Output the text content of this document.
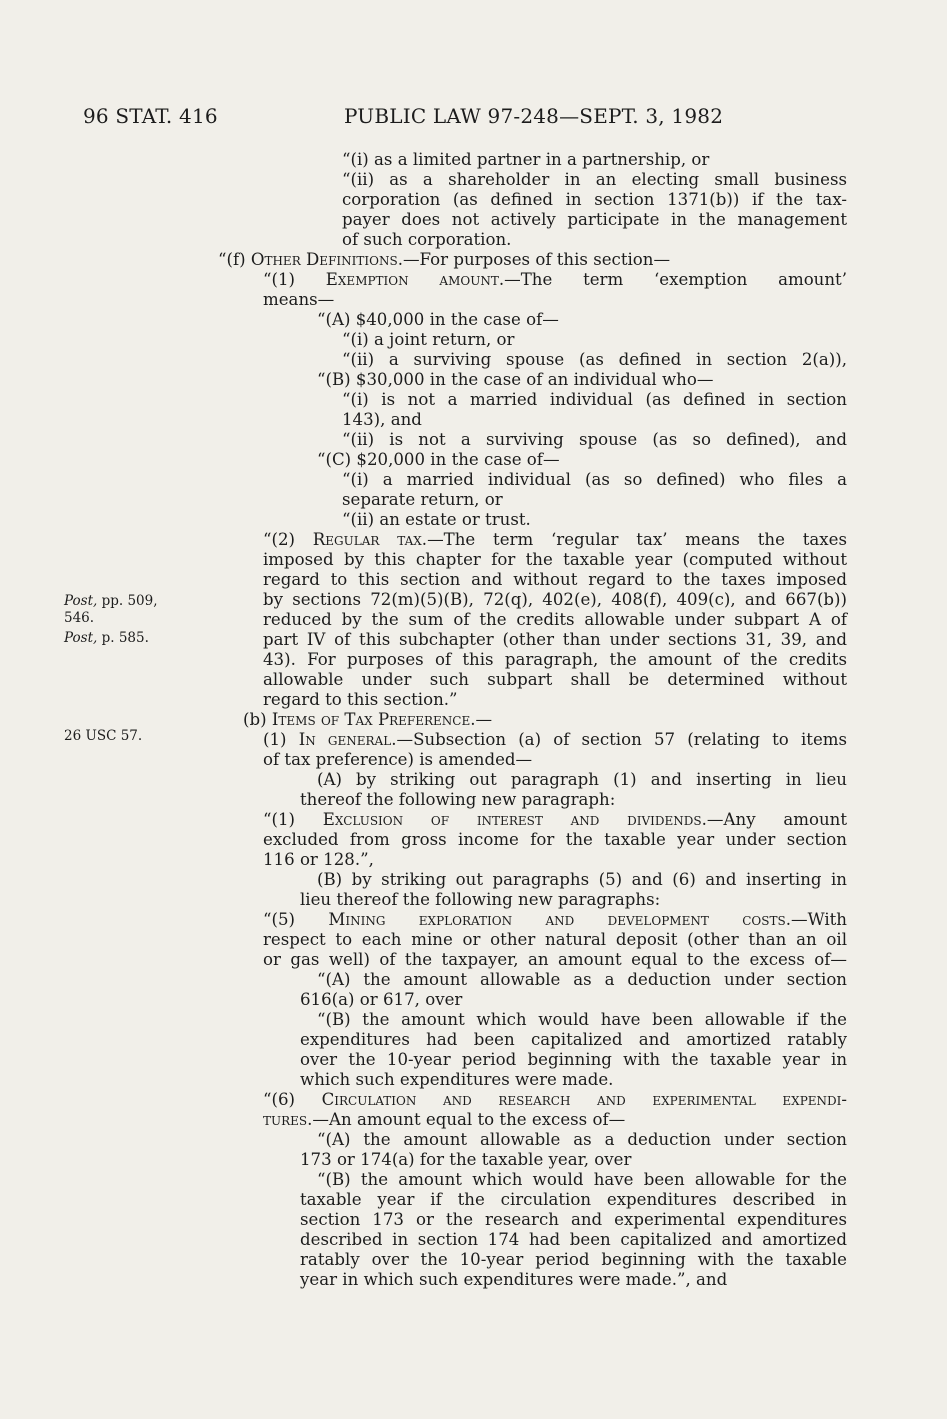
96 STAT. 416	PUBLIC LAW 97-248—SEPT. 3, 1982
Post, pp. 509,
546.
Post, p. 585.
26 USC 57.
“(i) as a limited partner in a partnership, or
“(ii) as a shareholder in an electing small business
corporation (as defined in section 1371(b)) if the tax-
payer does not actively participate in the management
of such corporation.
“(f) Other Definitions.—For purposes of this section—
“(1) Exemption amount.—The term ‘exemption amount’
means—
“(A) $40,000 in the case of—
“(i) a joint return, or
“(ii) a surviving spouse (as defined in section 2(a)),
“(B) $30,000 in the case of an individual who—
“(i) is not a married individual (as defined in section
143), and
“(ii) is not a surviving spouse (as so defined), and
“(C) $20,000 in the case of—
“(i) a married individual (as so defined) who files a
separate return, or
“(ii) an estate or trust.
“(2) Regular tax.—The term ‘regular tax’ means the taxes
imposed by this chapter for the taxable year (computed without
regard to this section and without regard to the taxes imposed
by sections 72(m)(5)(B), 72(q), 402(e), 408(f), 409(c), and 667(b))
reduced by the sum of the credits allowable under subpart A of
part IV of this subchapter (other than under sections 31, 39, and
43). For purposes of this paragraph, the amount of the credits
allowable under such subpart shall be determined without
regard to this section.”
(b) Items of Tax Preference.—
(1) In general.—Subsection (a) of section 57 (relating to items
of tax preference) is amended—
(A) by striking out paragraph (1) and inserting in lieu
thereof the following new paragraph:
“(1) Exclusion of interest and dividends.—Any amount
excluded from gross income for the taxable year under section
116 or 128.”,
(B) by striking out paragraphs (5) and (6) and inserting in
lieu thereof the following new paragraphs:
“(5) Mining exploration and development costs.—With
respect to each mine or other natural deposit (other than an oil
or gas well) of the taxpayer, an amount equal to the excess of—
“(A) the amount allowable as a deduction under section
616(a) or 617, over
“(B) the amount which would have been allowable if the
expenditures had been capitalized and amortized ratably
over the 10-year period beginning with the taxable year in
which such expenditures were made.
“(6) Circulation and research and experimental expendi-
tures.—An amount equal to the excess of—
“(A) the amount allowable as a deduction under section
173 or 174(a) for the taxable year, over
“(B) the amount which would have been allowable for the
taxable year if the circulation expenditures described in
section 173 or the research and experimental expenditures
described in section 174 had been capitalized and amortized
ratably over the 10-year period beginning with the taxable
year in which such expenditures were made.”, and
